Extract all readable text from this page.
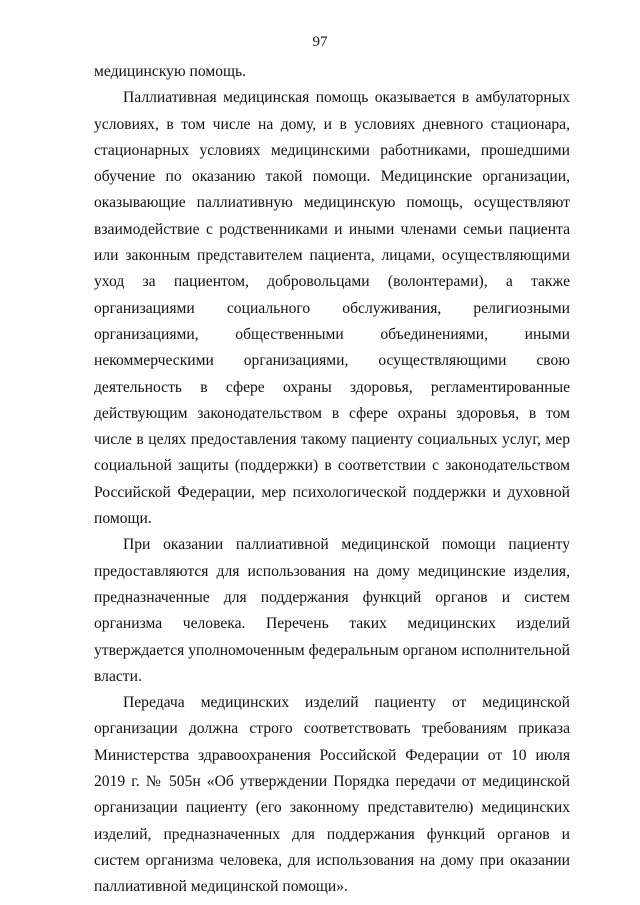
97

медицинскую помощь.

Паллиативная медицинская помощь оказывается в амбулаторных условиях, в том числе на дому, и в условиях дневного стационара, стационарных условиях медицинскими работниками, прошедшими обучение по оказанию такой помощи. Медицинские организации, оказывающие паллиативную медицинскую помощь, осуществляют взаимодействие с родственниками и иными членами семьи пациента или законным представителем пациента, лицами, осуществляющими уход за пациентом, добровольцами (волонтерами), а также организациями социального обслуживания, религиозными организациями, общественными объединениями, иными некоммерческими организациями, осуществляющими свою деятельность в сфере охраны здоровья, регламентированные действующим законодательством в сфере охраны здоровья, в том числе в целях предоставления такому пациенту социальных услуг, мер социальной защиты (поддержки) в соответствии с законодательством Российской Федерации, мер психологической поддержки и духовной помощи.

При оказании паллиативной медицинской помощи пациенту предоставляются для использования на дому медицинские изделия, предназначенные для поддержания функций органов и систем организма человека. Перечень таких медицинских изделий утверждается уполномоченным федеральным органом исполнительной власти.

Передача медицинских изделий пациенту от медицинской организации должна строго соответствовать требованиям приказа Министерства здравоохранения Российской Федерации от 10 июля 2019 г. № 505н «Об утверждении Порядка передачи от медицинской организации пациенту (его законному представителю) медицинских изделий, предназначенных для поддержания функций органов и систем организма человека, для использования на дому при оказании паллиативной медицинской помощи».
